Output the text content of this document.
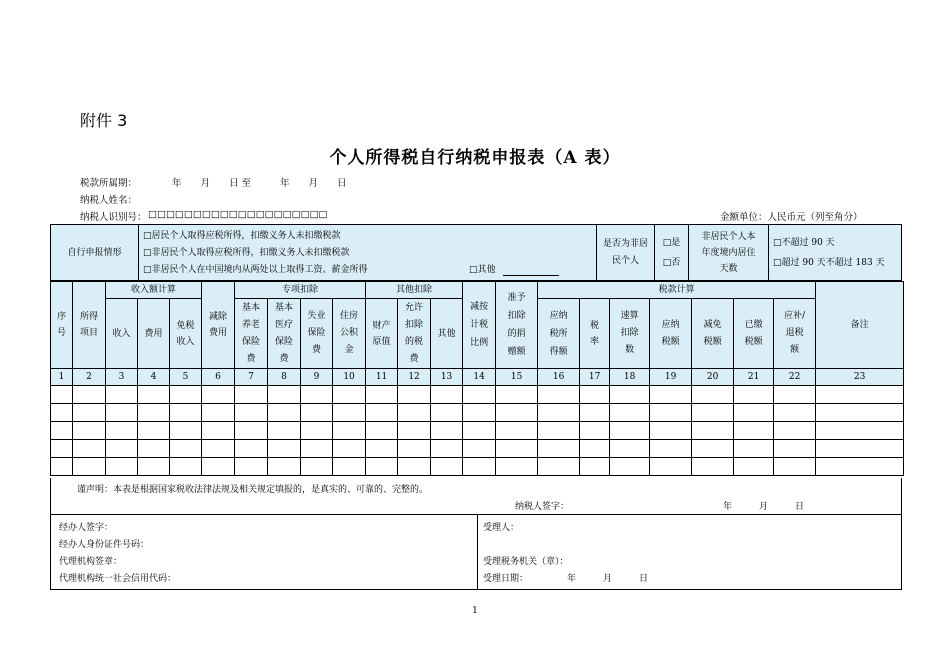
附件 3
个人所得税自行纳税申报表（A 表）
税款所属期：	年　　月　　日 至	年　　月　　日
纳税人姓名：
纳税人识别号： □□□□□□□□□□□□□□□□□□□□	金额单位：人民币元（列至角分）
自行申报情形	
□居民个人取得应税所得，扣缴义务人未扣缴税款
□非居民个人取得应税所得，扣缴义务人未扣缴税款
□非居民个人在中国境内从两处以上取得工资、薪金所得	□其他

是否为非居民个人

□是
□否

非居民个人本年度境内居住天数

□不超过 90 天
□超过 90 天不超过 183 天
序号	所得项目	收入额计算			减除费用	专项扣除				其他扣除			减按计税比例	准予扣除的捐赠额	税款计算							备注
		收入	费用	免税收入		基本养老保险费	基本医疗保险费	失业保险费	住房公积金	财产原值	允许扣除的税费	其他			应纳税所得额	税率	速算扣除数	应纳税额	减免税额	已缴税额	应补/退税额	

1	2	3	4	5	6	7	8	9	10	11	12	13	14	15	16	17	18	19	20	21	22	23

谨声明：本表是根据国家税收法律法规及相关规定填报的，是真实的、可靠的、完整的。
纳税人签字：	年　　　月　　　日
经办人签字：
经办人身份证件号码：
代理机构签章：
代理机构统一社会信用代码：
受理人：
受理税务机关（章）：
受理日期：	年　　　月　　　日
1
